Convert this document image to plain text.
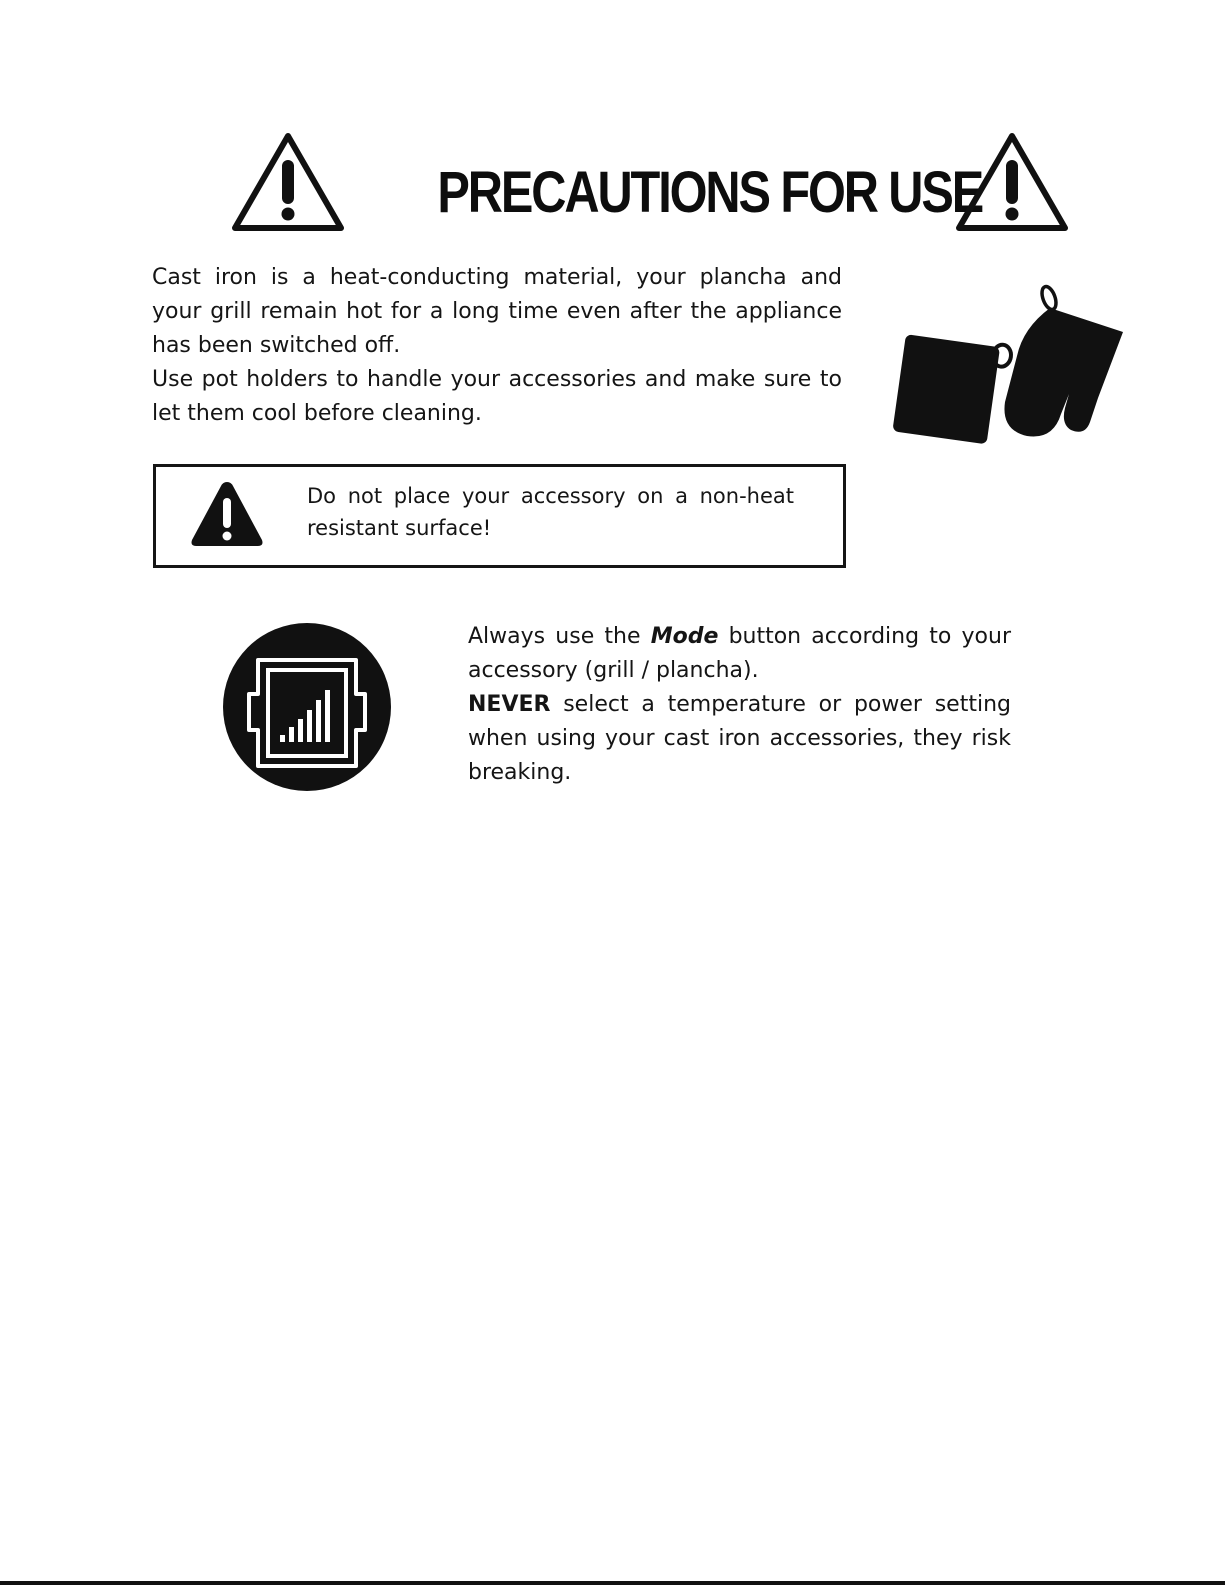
PRECAUTIONS FOR USE

Cast iron is a heat-conducting material, your plancha and your grill remain hot for a long time even after the appliance has been switched off.

Use pot holders to handle your accessories and make sure to let them cool before cleaning.

Do not place your accessory on a non-heat resistant surface!

Always use the Mode button according to your accessory (grill / plancha).

NEVER select a temperature or power setting when using your cast iron accessories, they risk breaking.
